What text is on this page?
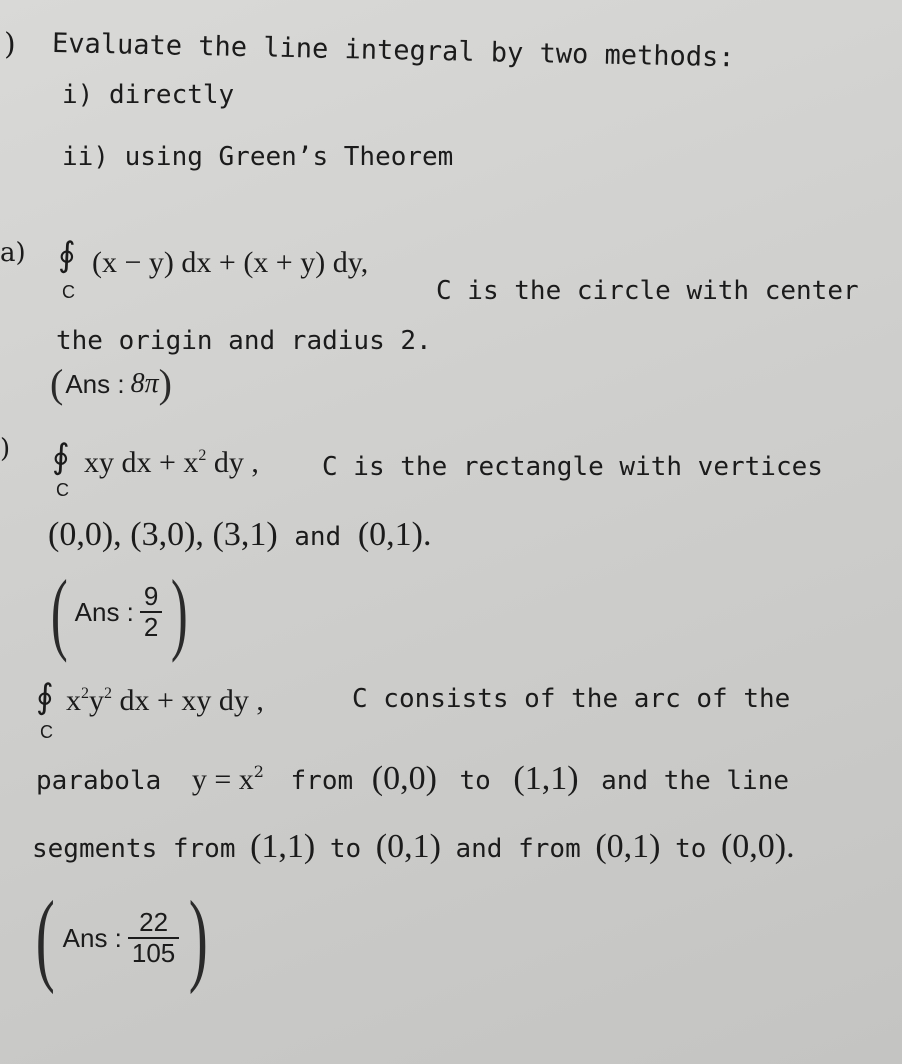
) Evaluate the line integral by two methods:
i) directly
ii) using Green’s Theorem
a) ∮
C
(x − y) dx + (x + y) dy,
C is the circle with center
the origin and radius 2.
( Ans : 8π )
) ∮
C
xy dx + $x^2$ dy , C is the rectangle with vertices
(0,0), (3,0), (3,1) and (0,1).
( Ans : $\frac{9}{2}$ )
∮
C
$x^2y^2$ dx + xy dy ,	C consists of the arc of the
parabola $y = x^2$ from (0,0) to (1,1) and the line
segments from (1,1) to (0,1) and from (0,1) to (0,0).
( Ans : $\frac{22}{105}$ )
